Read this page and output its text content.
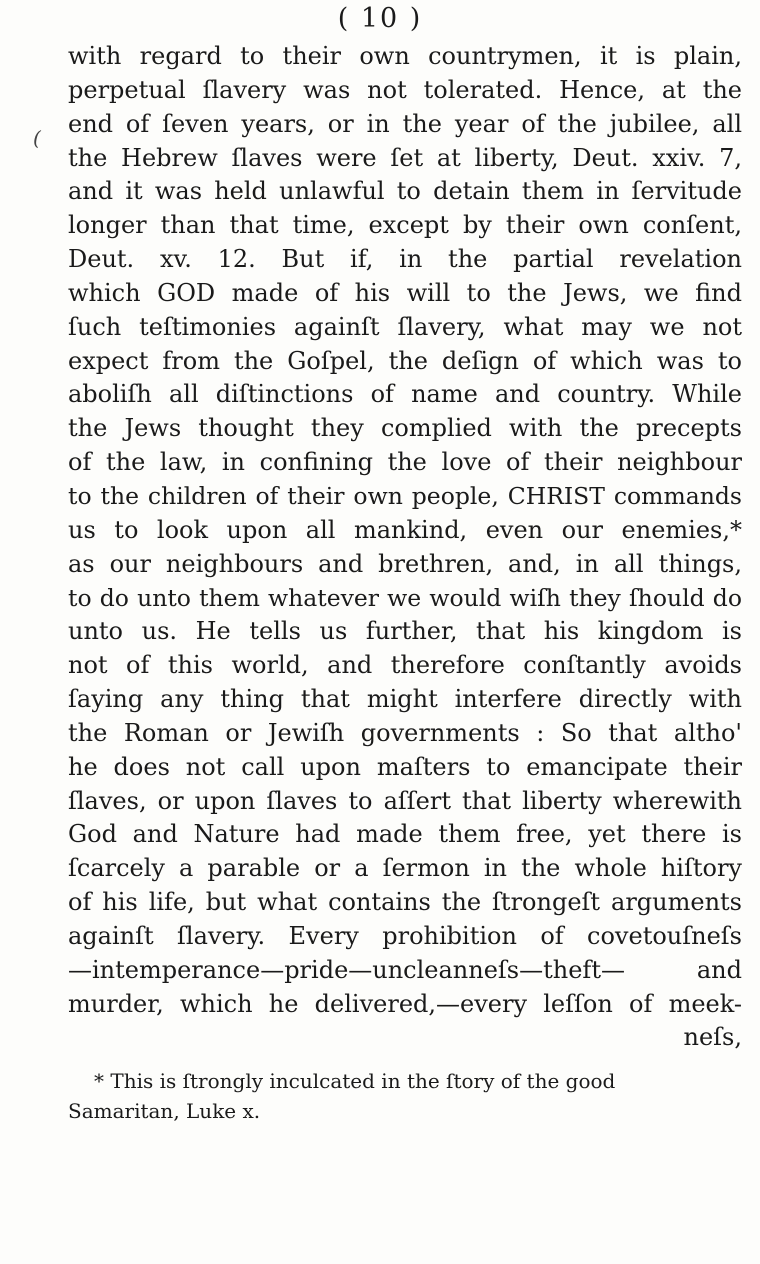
( 10 )
(
with regard to their own countrymen, it is plain,
perpetual ſlavery was not tolerated. Hence, at the
end of ſeven years, or in the year of the jubilee, all
the Hebrew ſlaves were ſet at liberty, Deut. xxiv. 7,
and it was held unlawful to detain them in ſervitude
longer than that time, except by their own conſent,
Deut. xv. 12. But if, in the partial revelation
which GOD made of his will to the Jews, we find
ſuch teſtimonies againſt ſlavery, what may we not
expect from the Goſpel, the deſign of which was to
aboliſh all diſtinctions of name and country. While
the Jews thought they complied with the precepts
of the law, in confining the love of their neighbour
to the children of their own people, CHRIST commands
us to look upon all mankind, even our enemies,*
as our neighbours and brethren, and, in all things,
to do unto them whatever we would wiſh they ſhould do
unto us. He tells us further, that his kingdom is
not of this world, and therefore conſtantly avoids
ſaying any thing that might interfere directly with
the Roman or Jewiſh governments : So that altho'
he does not call upon maſters to emancipate their
ſlaves, or upon ſlaves to aſſert that liberty wherewith
God and Nature had made them free, yet there is
ſcarcely a parable or a ſermon in the whole hiſtory
of his life, but what contains the ſtrongeſt arguments
againſt ſlavery. Every prohibition of covetouſneſs
—intemperance—pride—uncleanneſs—theft— and
murder, which he delivered,—every leſſon of meek-
neſs,
* This is ſtrongly inculcated in the ſtory of the good
Samaritan, Luke x.
